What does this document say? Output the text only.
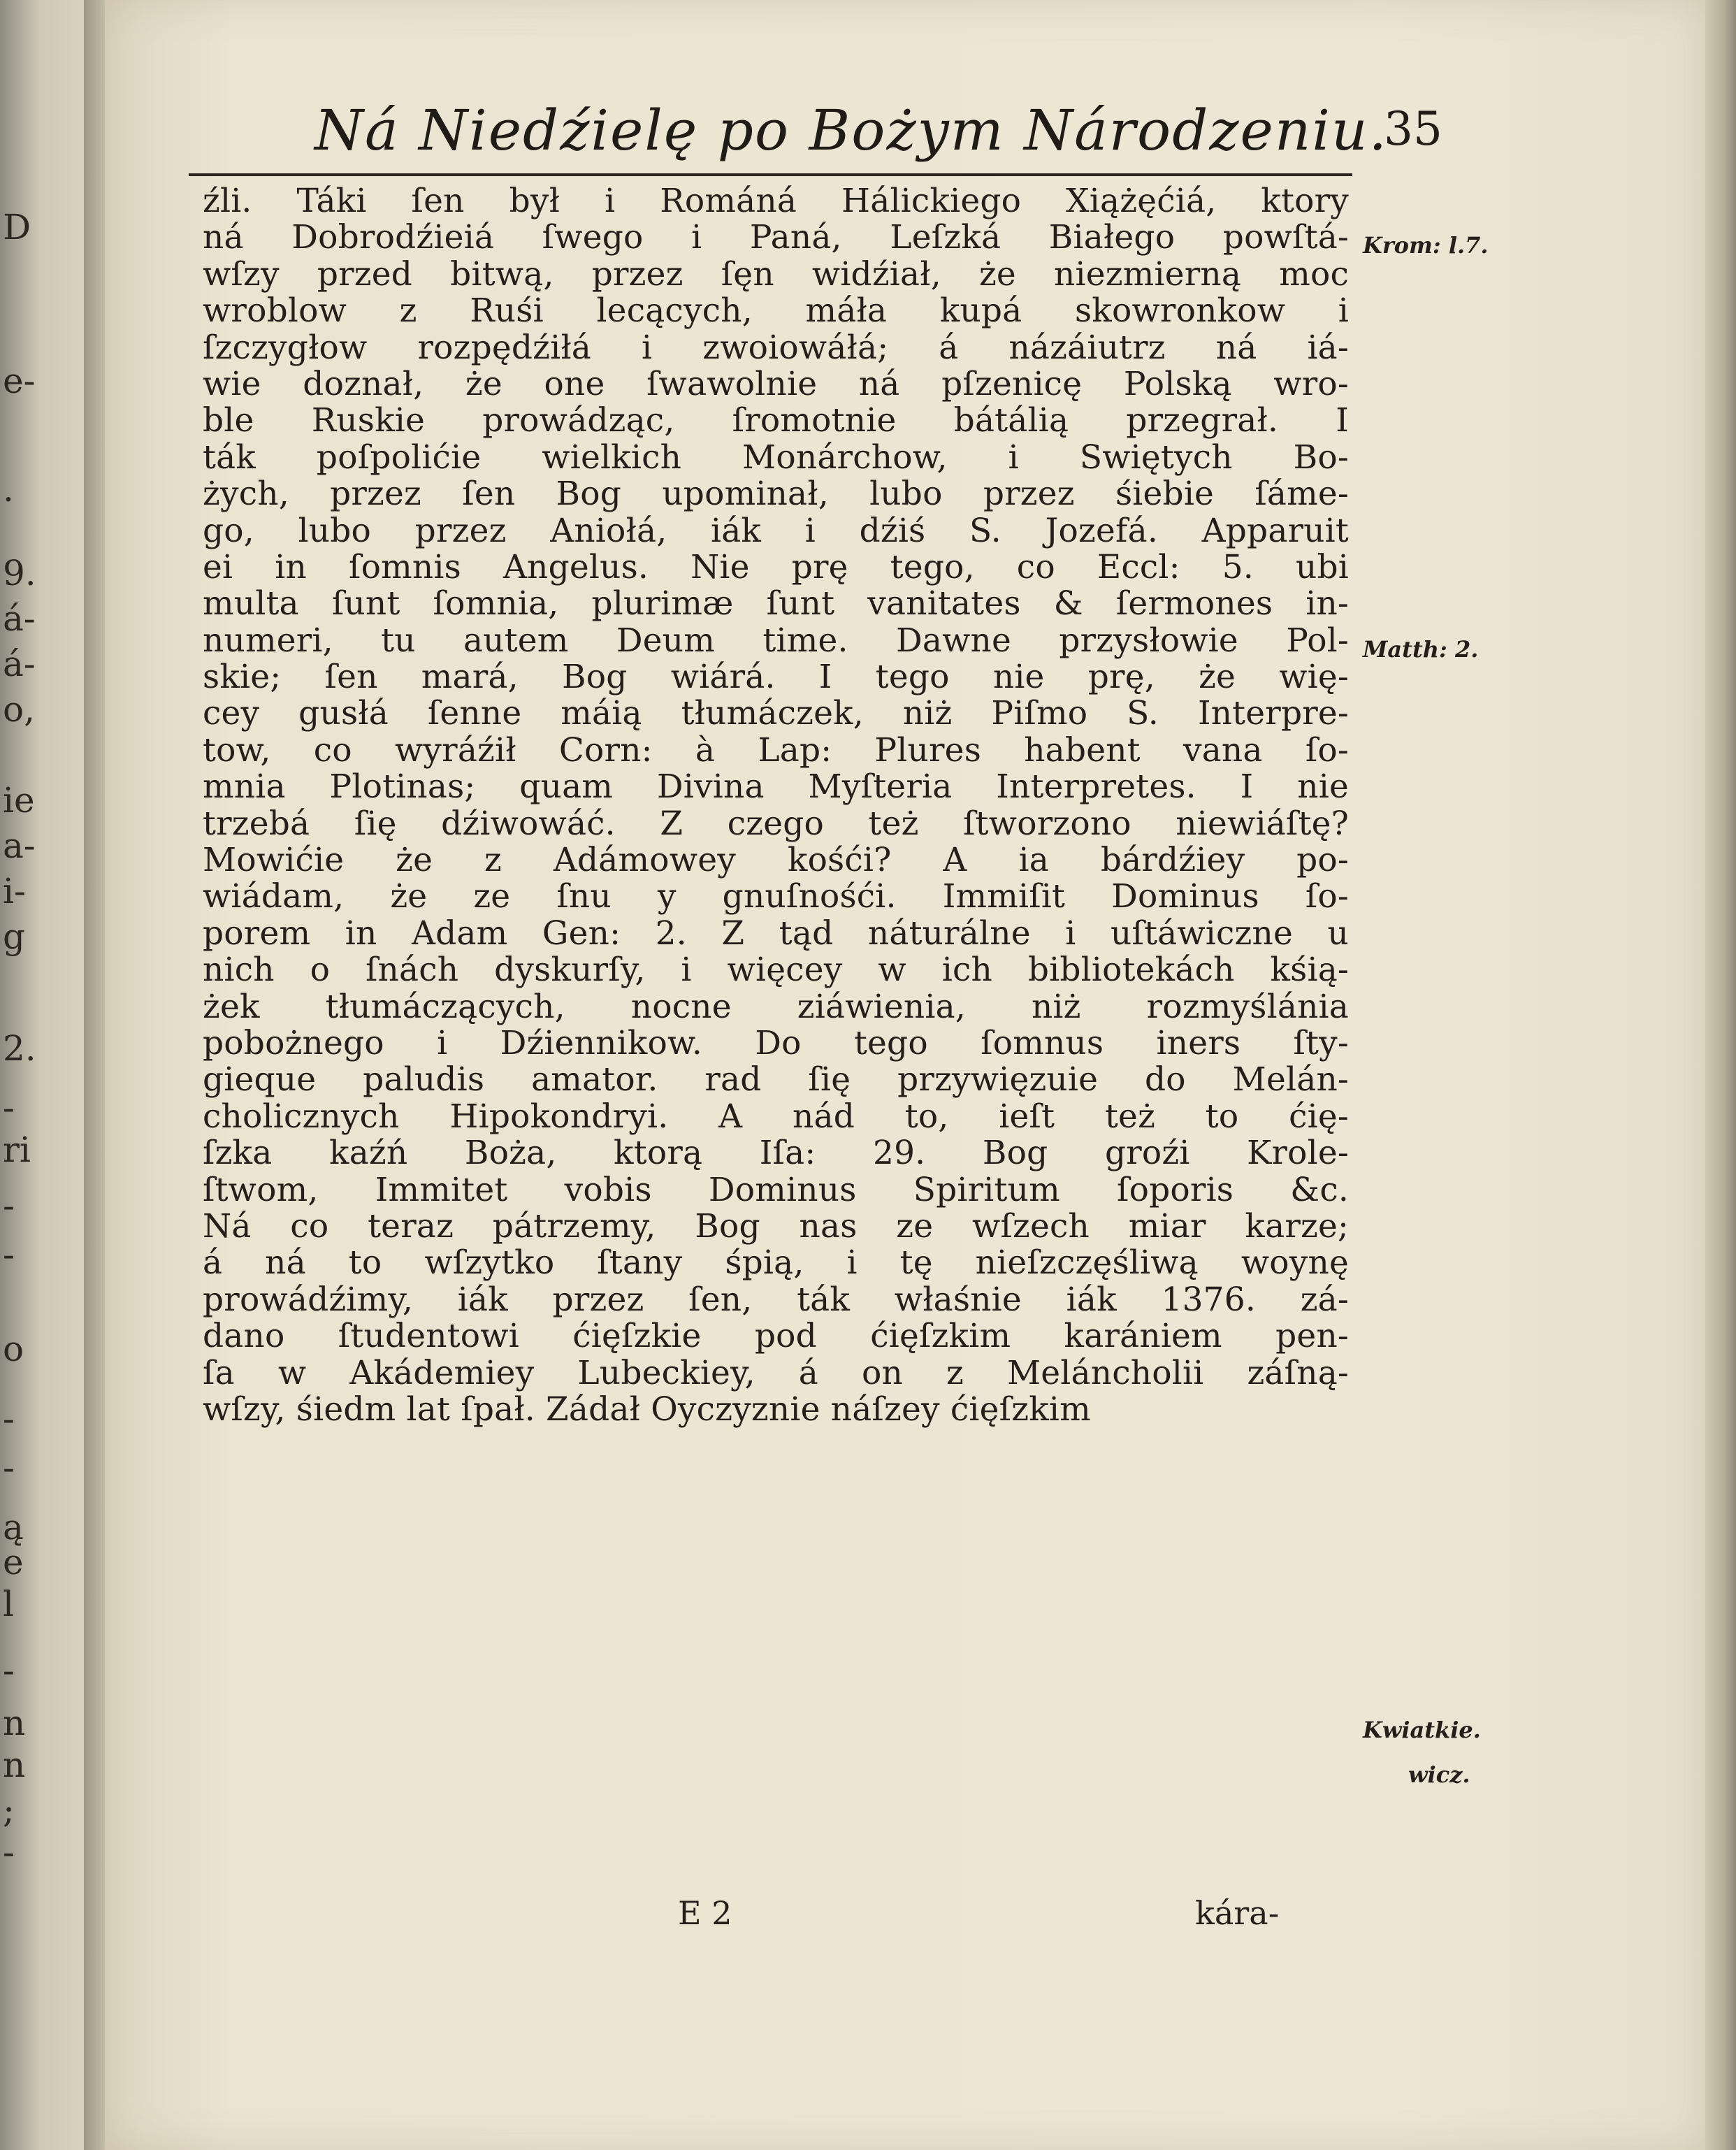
D
e-
.
9.
á-
á-
o,
ie
a-
i-
g
2.
-
ri
-
-
o
-
-
ą
e
l
-
n
n
;
-
Ná Niedźielę po Bożym Národzeniu.
35
źli. Táki ſen był i Románá Hálickiego Xiążęćiá, ktory
ná Dobrodźieiá ſwego i Paná, Leſzká Białego powſtá-
wſzy przed bitwą, przez ſęn widźiał, że niezmierną moc
wroblow z Ruśi lecących, máła kupá skowronkow i
ſzczygłow rozpędźiłá i zwoiowáłá; á názáiutrz ná iá-
wie doznał, że one ſwawolnie ná pſzenicę Polską wro-
ble Ruskie prowádząc, ſromotnie bátálią przegrał. I
ták poſpolićie wielkich Monárchow, i Swiętych Bo-
żych, przez ſen Bog upominał, lubo przez śiebie ſáme-
go, lubo przez Aniołá, iák i dźiś S. Jozefá. Apparuit
ei in ſomnis Angelus. Nie prę tego, co Eccl: 5. ubi
multa ſunt ſomnia, plurimæ ſunt vanitates & ſermones in-
numeri, tu autem Deum time. Dawne przysłowie Pol-
skie; ſen mará, Bog wiárá. I tego nie prę, że wię-
cey gusłá ſenne máią tłumáczek, niż Piſmo S. Interpre-
tow, co wyráźił Corn: à Lap: Plures habent vana ſo-
mnia Plotinas; quam Divina Myſteria Interpretes. I nie
trzebá ſię dźiwowáć. Z czego też ſtworzono niewiáſtę?
Mowićie że z Adámowey kośći? A ia bárdźiey po-
wiádam, że ze ſnu y gnuſnośći. Immiſit Dominus ſo-
porem in Adam Gen: 2. Z tąd náturálne i uſtáwiczne u
nich o ſnách dyskurſy, i więcey w ich bibliotekách kśią-
żek tłumáczących, nocne ziáwienia, niż rozmyślánia
pobożnego i Dźiennikow. Do tego ſomnus iners ſty-
gieque paludis amator. rad ſię przywięzuie do Melán-
cholicznych Hipokondryi. A nád to, ieſt też to ćię-
ſzka kaźń Boża, ktorą Iſa: 29. Bog groźi Krole-
ſtwom, Immitet vobis Dominus Spiritum ſoporis &c.
Ná co teraz pátrzemy, Bog nas ze wſzech miar karze;
á ná to wſzytko ſtany śpią, i tę nieſzczęśliwą woynę
prowádźimy, iák przez ſen, ták właśnie iák 1376. zá-
dano ſtudentowi ćięſzkie pod ćięſzkim karániem pen-
ſa w Akádemiey Lubeckiey, á on z Meláncholii záſną-
wſzy, śiedm lat ſpał. Zádał Oyczyznie náſzey ćięſzkim
Krom: l.7.
Matth: 2.
Kwiatkie.
wicz.
E 2	kára-
